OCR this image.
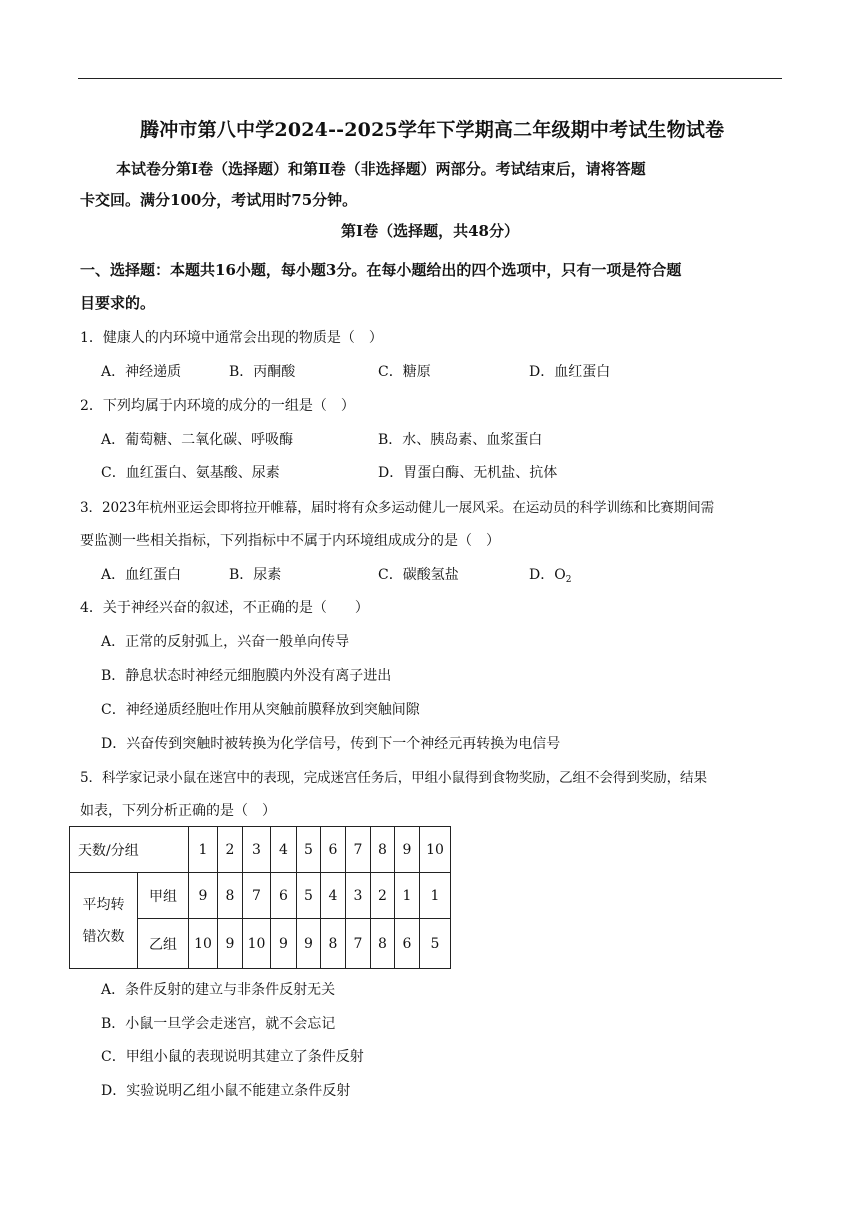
腾冲市第八中学2024--2025学年下学期高二年级期中考试生物试卷
本试卷分第Ⅰ卷（选择题）和第Ⅱ卷（非选择题）两部分。考试结束后，请将答题
卡交回。满分100分，考试用时75分钟。
第Ⅰ卷（选择题，共48分）
一、选择题：本题共16小题，每小题3分。在每小题给出的四个选项中，只有一项是符合题
目要求的。
1．健康人的内环境中通常会出现的物质是（　）
A．神经递质	B．丙酮酸	C．糖原	D．血红蛋白
2．下列均属于内环境的成分的一组是（　）
A．葡萄糖、二氧化碳、呼吸酶	B．水、胰岛素、血浆蛋白
C．血红蛋白、氨基酸、尿素	D．胃蛋白酶、无机盐、抗体
3．2023年杭州亚运会即将拉开帷幕，届时将有众多运动健儿一展风采。在运动员的科学训练和比赛期间需
要监测一些相关指标，下列指标中不属于内环境组成成分的是（　）
A．血红蛋白	B．尿素	C．碳酸氢盐	D．$O_2$
4．关于神经兴奋的叙述，不正确的是（　　）
A．正常的反射弧上，兴奋一般单向传导
B．静息状态时神经元细胞膜内外没有离子进出
C．神经递质经胞吐作用从突触前膜释放到突触间隙
D．兴奋传到突触时被转换为化学信号，传到下一个神经元再转换为电信号
5．科学家记录小鼠在迷宫中的表现，完成迷宫任务后，甲组小鼠得到食物奖励，乙组不会得到奖励，结果
如表，下列分析正确的是（　）
天数/分组		1	2	3	4	5	6	7	8	9	10

平均转
错次数	甲组	9	8	7	6	5	4	3	2	1	1
	乙组	10	9	10	9	9	8	7	8	6	5
A．条件反射的建立与非条件反射无关
B．小鼠一旦学会走迷宫，就不会忘记
C．甲组小鼠的表现说明其建立了条件反射
D．实验说明乙组小鼠不能建立条件反射
